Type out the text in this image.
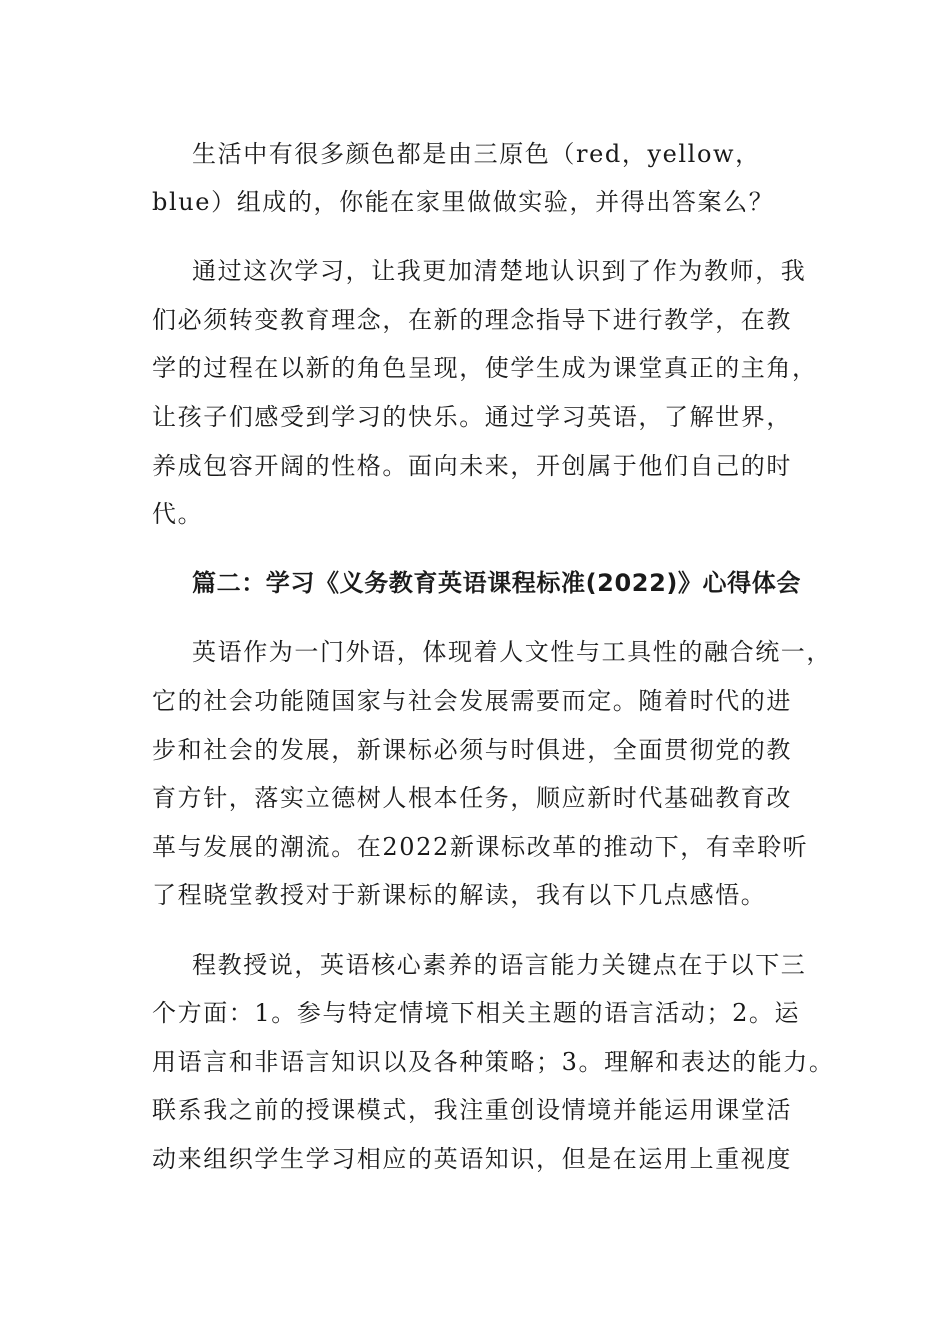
生活中有很多颜色都是由三原色（red，yellow，
blue）组成的，你能在家里做做实验，并得出答案么？
通过这次学习，让我更加清楚地认识到了作为教师，我
们必须转变教育理念，在新的理念指导下进行教学，在教
学的过程在以新的角色呈现，使学生成为课堂真正的主角，
让孩子们感受到学习的快乐。通过学习英语，了解世界，
养成包容开阔的性格。面向未来，开创属于他们自己的时
代。
篇二：学习《义务教育英语课程标准(2022)》心得体会
英语作为一门外语，体现着人文性与工具性的融合统一，
它的社会功能随国家与社会发展需要而定。随着时代的进
步和社会的发展，新课标必须与时俱进，全面贯彻党的教
育方针，落实立德树人根本任务，顺应新时代基础教育改
革与发展的潮流。在2022新课标改革的推动下，有幸聆听
了程晓堂教授对于新课标的解读，我有以下几点感悟。
程教授说，英语核心素养的语言能力关键点在于以下三
个方面：1。参与特定情境下相关主题的语言活动；2。运
用语言和非语言知识以及各种策略；3。理解和表达的能力。
联系我之前的授课模式，我注重创设情境并能运用课堂活
动来组织学生学习相应的英语知识，但是在运用上重视度
